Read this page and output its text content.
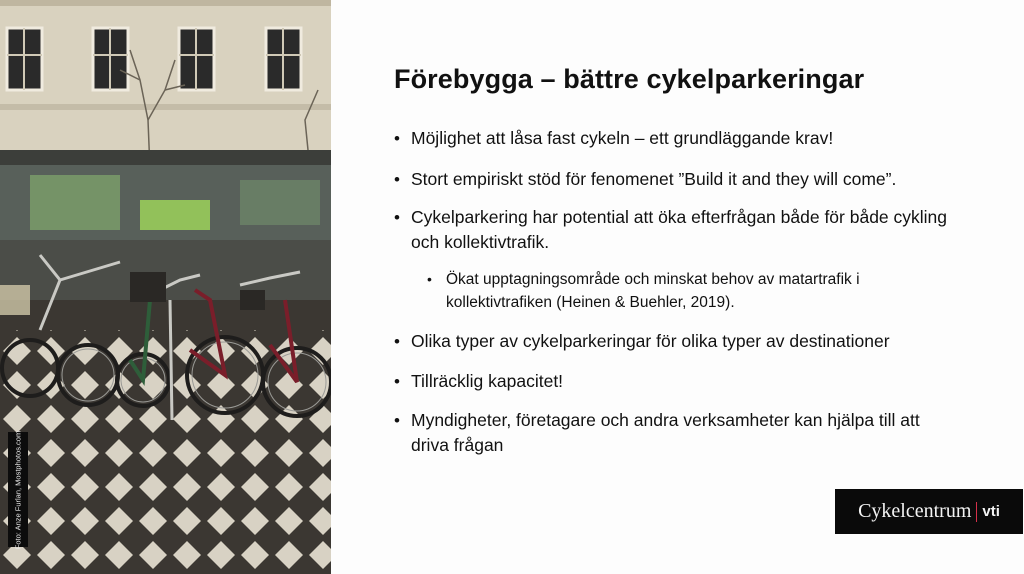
Foto: Anze Furlan, Mostphotos.com
Förebygga – bättre cykelparkeringar
• Möjlighet att låsa fast cykeln – ett grundläggande krav!
• Stort empiriskt stöd för fenomenet ”Build it and they will come”.
• Cykelparkering har potential att öka efterfrågan både för både cykling och kollektivtrafik.
• Ökat upptagningsområde och minskat behov av matartrafik i kollektivtrafiken (Heinen & Buehler, 2019).
• Olika typer av cykelparkeringar för olika typer av destinationer
• Tillräcklig kapacitet!
• Myndigheter, företagare och andra verksamheter kan hjälpa till att driva frågan
Cykelcentrum vti
